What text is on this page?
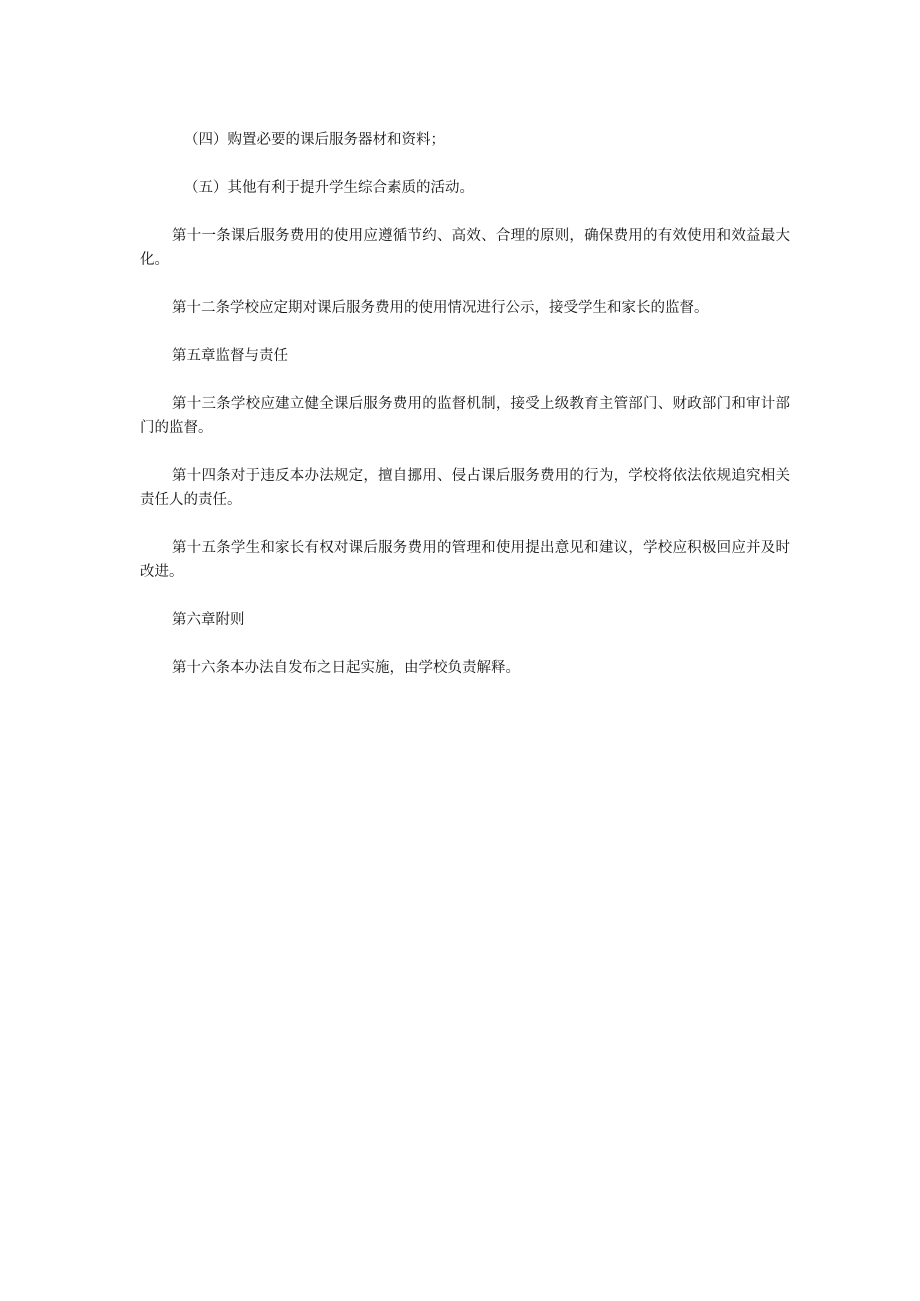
（四）购置必要的课后服务器材和资料；

（五）其他有利于提升学生综合素质的活动。

第十一条课后服务费用的使用应遵循节约、高效、合理的原则，确保费用的有效使用和效益最大化。

第十二条学校应定期对课后服务费用的使用情况进行公示，接受学生和家长的监督。

第五章监督与责任

第十三条学校应建立健全课后服务费用的监督机制，接受上级教育主管部门、财政部门和审计部门的监督。

第十四条对于违反本办法规定，擅自挪用、侵占课后服务费用的行为，学校将依法依规追究相关责任人的责任。

第十五条学生和家长有权对课后服务费用的管理和使用提出意见和建议，学校应积极回应并及时改进。

第六章附则

第十六条本办法自发布之日起实施，由学校负责解释。
